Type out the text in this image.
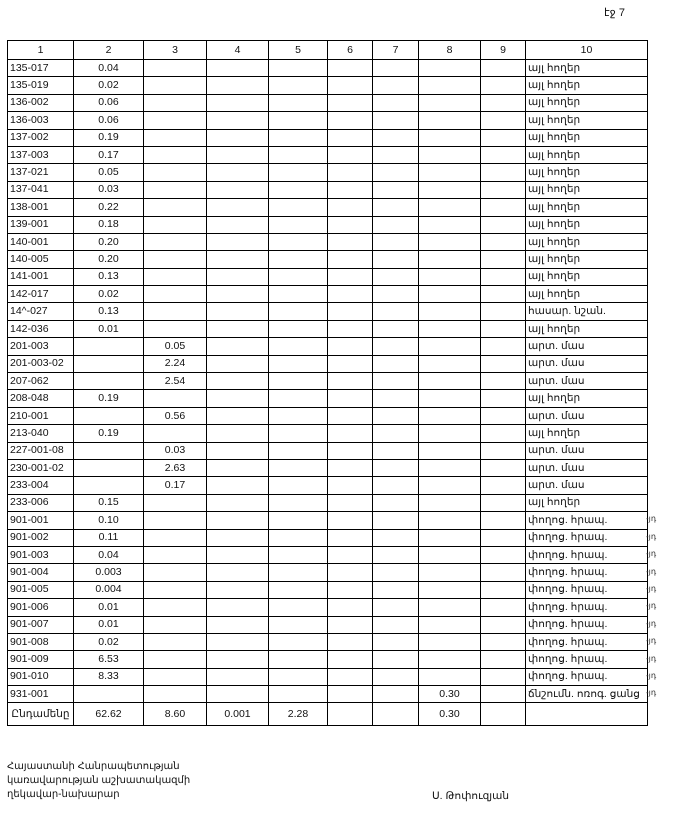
էջ 7
1	2	3	4	5	6	7	8	9	10
135-017	0.04								այլ հողեր
135-019	0.02								այլ հողեր
136-002	0.06								այլ հողեր
136-003	0.06								այլ հողեր
137-002	0.19								այլ հողեր
137-003	0.17								այլ հողեր
137-021	0.05								այլ հողեր
137-041	0.03								այլ հողեր
138-001	0.22								այլ հողեր
139-001	0.18								այլ հողեր
140-001	0.20								այլ հողեր
140-005	0.20								այլ հողեր
141-001	0.13								այլ հողեր
142-017	0.02								այլ հողեր
14^-027	0.13								հասար. նշան.
142-036	0.01								այլ հողեր
201-003		0.05							արտ. մաս
201-003-02		2.24							արտ. մաս
207-062		2.54							արտ. մաս
208-048	0.19								այլ հողեր
210-001		0.56							արտ. մաս
213-040	0.19								այլ հողեր
227-001-08		0.03							արտ. մաս
230-001-02		2.63							արտ. մաս
233-004		0.17							արտ. մաս
233-006	0.15								այլ հողեր
901-001	0.10								փողոց. հրապ.
901-002	0.11								փողոց. հրապ.
901-003	0.04								փողոց. հրապ.
901-004	0.003								փողոց. հրապ.
901-005	0.004								փողոց. հրապ.
901-006	0.01								փողոց. հրապ.
901-007	0.01								փողոց. հրապ.
901-008	0.02								փողոց. հրապ.
901-009	6.53								փողոց. հրապ.
901-010	8.33								փողոց. հրապ.
931-001							0.30		ճնշումն. ոռոգ. ցանց
Ընդամենը	62.62	8.60	0.001	2.28			0.30		
-յդ
-յդ
-յդ
-յդ
-յդ
-յդ
-յդ
-յդ
-յդ
-յդ
-յդ
Հայաստանի Հանրապետության
կառավարության աշխատակազմի
ղեկավար-նախարար	Ս. Թոփուզյան
